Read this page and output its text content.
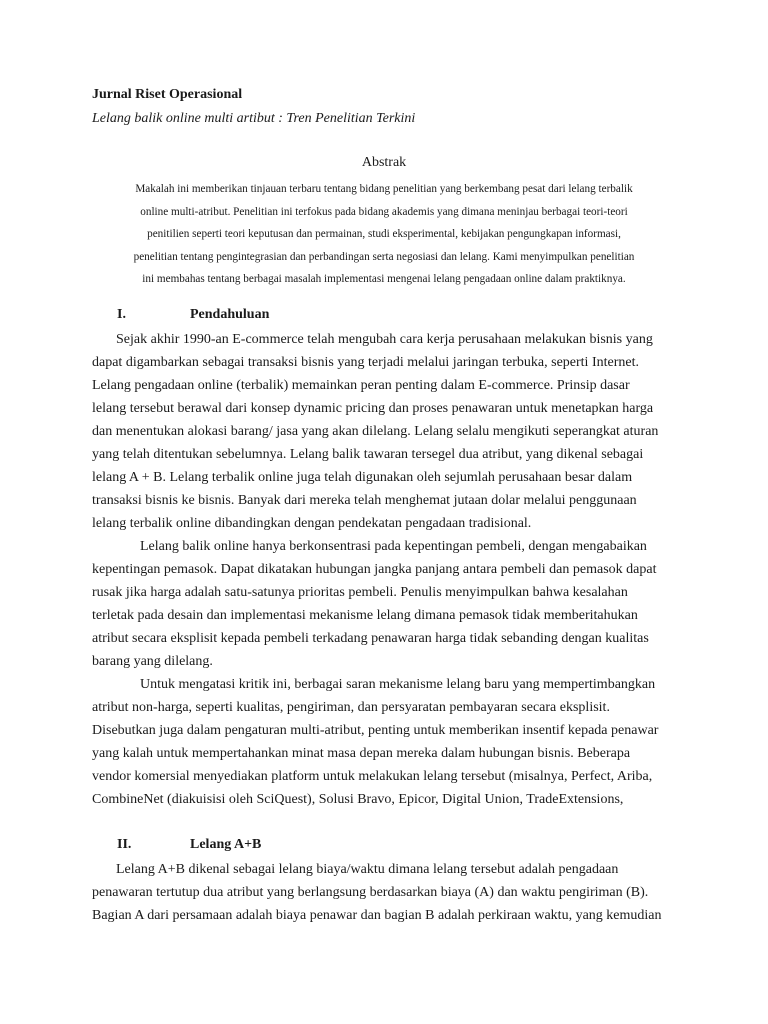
Jurnal Riset Operasional
Lelang balik online multi artibut : Tren Penelitian Terkini
Abstrak
Makalah ini memberikan tinjauan terbaru tentang bidang penelitian yang berkembang pesat dari lelang terbalik
online multi-atribut. Penelitian ini terfokus pada bidang akademis yang dimana meninjau berbagai teori-teori
penitilien seperti teori keputusan dan permainan, studi eksperimental, kebijakan pengungkapan informasi,
penelitian tentang pengintegrasian dan perbandingan serta negosiasi dan lelang. Kami menyimpulkan penelitian
ini membahas tentang berbagai masalah implementasi mengenai lelang pengadaan online dalam praktiknya.
I.	Pendahuluan
Sejak akhir 1990-an E-commerce telah mengubah cara kerja perusahaan melakukan bisnis yang
dapat digambarkan sebagai transaksi bisnis yang terjadi melalui jaringan terbuka, seperti Internet.
Lelang pengadaan online (terbalik) memainkan peran penting dalam E-commerce. Prinsip dasar
lelang tersebut berawal dari konsep dynamic pricing dan proses penawaran untuk menetapkan harga
dan menentukan alokasi barang/ jasa yang akan dilelang. Lelang selalu mengikuti seperangkat aturan
yang telah ditentukan sebelumnya. Lelang balik tawaran tersegel dua atribut, yang dikenal sebagai
lelang A + B. Lelang terbalik online juga telah digunakan oleh sejumlah perusahaan besar dalam
transaksi bisnis ke bisnis. Banyak dari mereka telah menghemat jutaan dolar melalui penggunaan
lelang terbalik online dibandingkan dengan pendekatan pengadaan tradisional.
Lelang balik online hanya berkonsentrasi pada kepentingan pembeli, dengan mengabaikan
kepentingan pemasok. Dapat dikatakan hubungan jangka panjang antara pembeli dan pemasok dapat
rusak jika harga adalah satu-satunya prioritas pembeli. Penulis menyimpulkan bahwa kesalahan
terletak pada desain dan implementasi mekanisme lelang dimana pemasok tidak memberitahukan
atribut secara eksplisit kepada pembeli terkadang penawaran harga tidak sebanding dengan kualitas
barang yang dilelang.
Untuk mengatasi kritik ini, berbagai saran mekanisme lelang baru yang mempertimbangkan
atribut non-harga, seperti kualitas, pengiriman, dan persyaratan pembayaran secara eksplisit.
Disebutkan juga dalam pengaturan multi-atribut, penting untuk memberikan insentif kepada penawar
yang kalah untuk mempertahankan minat masa depan mereka dalam hubungan bisnis. Beberapa
vendor komersial menyediakan platform untuk melakukan lelang tersebut (misalnya, Perfect, Ariba,
CombineNet (diakuisisi oleh SciQuest), Solusi Bravo, Epicor, Digital Union, TradeExtensions,
II.	Lelang A+B
Lelang A+B dikenal sebagai lelang biaya/waktu dimana lelang tersebut adalah pengadaan
penawaran tertutup dua atribut yang berlangsung berdasarkan biaya (A) dan waktu pengiriman (B).
Bagian A dari persamaan adalah biaya penawar dan bagian B adalah perkiraan waktu, yang kemudian
